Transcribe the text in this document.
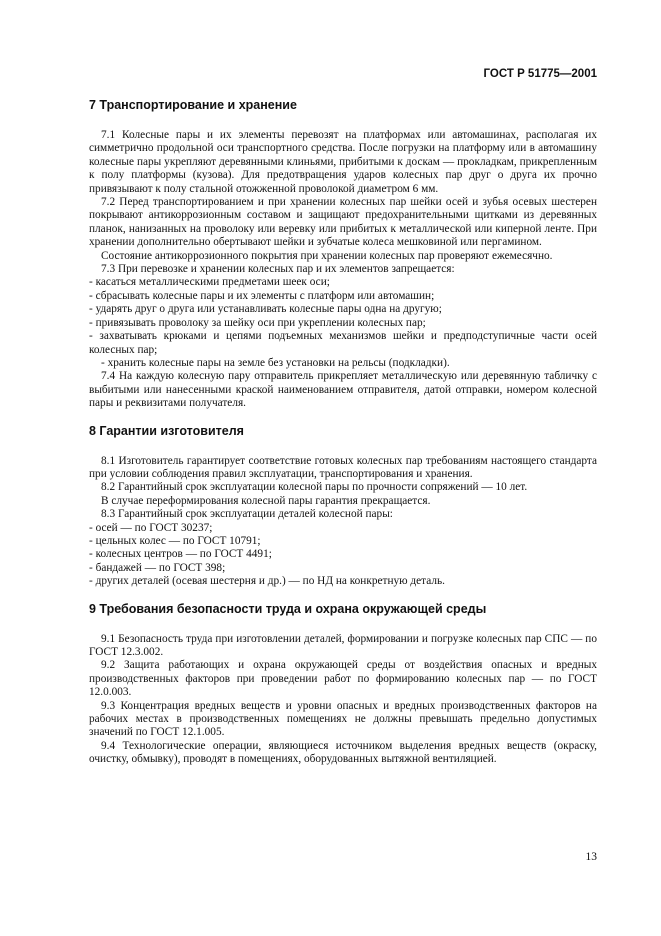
ГОСТ Р 51775—2001
7 Транспортирование и хранение

7.1 Колесные пары и их элементы перевозят на платформах или автомашинах, располагая их симметрично продольной оси транспортного средства. После погрузки на платформу или в автомашину колесные пары укрепляют деревянными клиньями, прибитыми к доскам — прокладкам, прикрепленным к полу платформы (кузова). Для предотвращения ударов колесных пар друг о друга их прочно привязывают к полу стальной отожженной проволокой диаметром 6 мм.

7.2 Перед транспортированием и при хранении колесных пар шейки осей и зубья осевых шестерен покрывают антикоррозионным составом и защищают предохранительными щитками из деревянных планок, нанизанных на проволоку или веревку или прибитых к металлической или киперной ленте. При хранении дополнительно обертывают шейки и зубчатые колеса мешковиной или пергамином.

Состояние антикоррозионного покрытия при хранении колесных пар проверяют ежемесячно.

7.3 При перевозке и хранении колесных пар и их элементов запрещается:

- касаться металлическими предметами шеек оси;

- сбрасывать колесные пары и их элементы с платформ или автомашин;

- ударять друг о друга или устанавливать колесные пары одна на другую;

- привязывать проволоку за шейку оси при укреплении колесных пар;

- захватывать крюками и цепями подъемных механизмов шейки и предподступичные части осей колесных пар;

- хранить колесные пары на земле без установки на рельсы (подкладки).

7.4 На каждую колесную пару отправитель прикрепляет металлическую или деревянную табличку с выбитыми или нанесенными краской наименованием отправителя, датой отправки, номером колесной пары и реквизитами получателя.

8 Гарантии изготовителя

8.1 Изготовитель гарантирует соответствие готовых колесных пар требованиям настоящего стандарта при условии соблюдения правил эксплуатации, транспортирования и хранения.

8.2 Гарантийный срок эксплуатации колесной пары по прочности сопряжений — 10 лет.

В случае переформирования колесной пары гарантия прекращается.

8.3 Гарантийный срок эксплуатации деталей колесной пары:

- осей — по ГОСТ 30237;

- цельных колес — по ГОСТ 10791;

- колесных центров — по ГОСТ 4491;

- бандажей — по ГОСТ 398;

- других деталей (осевая шестерня и др.) — по НД на конкретную деталь.

9 Требования безопасности труда и охрана окружающей среды

9.1 Безопасность труда при изготовлении деталей, формировании и погрузке колесных пар СПС — по ГОСТ 12.3.002.

9.2 Защита работающих и охрана окружающей среды от воздействия опасных и вредных производственных факторов при проведении работ по формированию колесных пар — по ГОСТ 12.0.003.

9.3 Концентрация вредных веществ и уровни опасных и вредных производственных факторов на рабочих местах в производственных помещениях не должны превышать предельно допустимых значений по ГОСТ 12.1.005.

9.4 Технологические операции, являющиеся источником выделения вредных веществ (окраску, очистку, обмывку), проводят в помещениях, оборудованных вытяжной вентиляцией.

13
